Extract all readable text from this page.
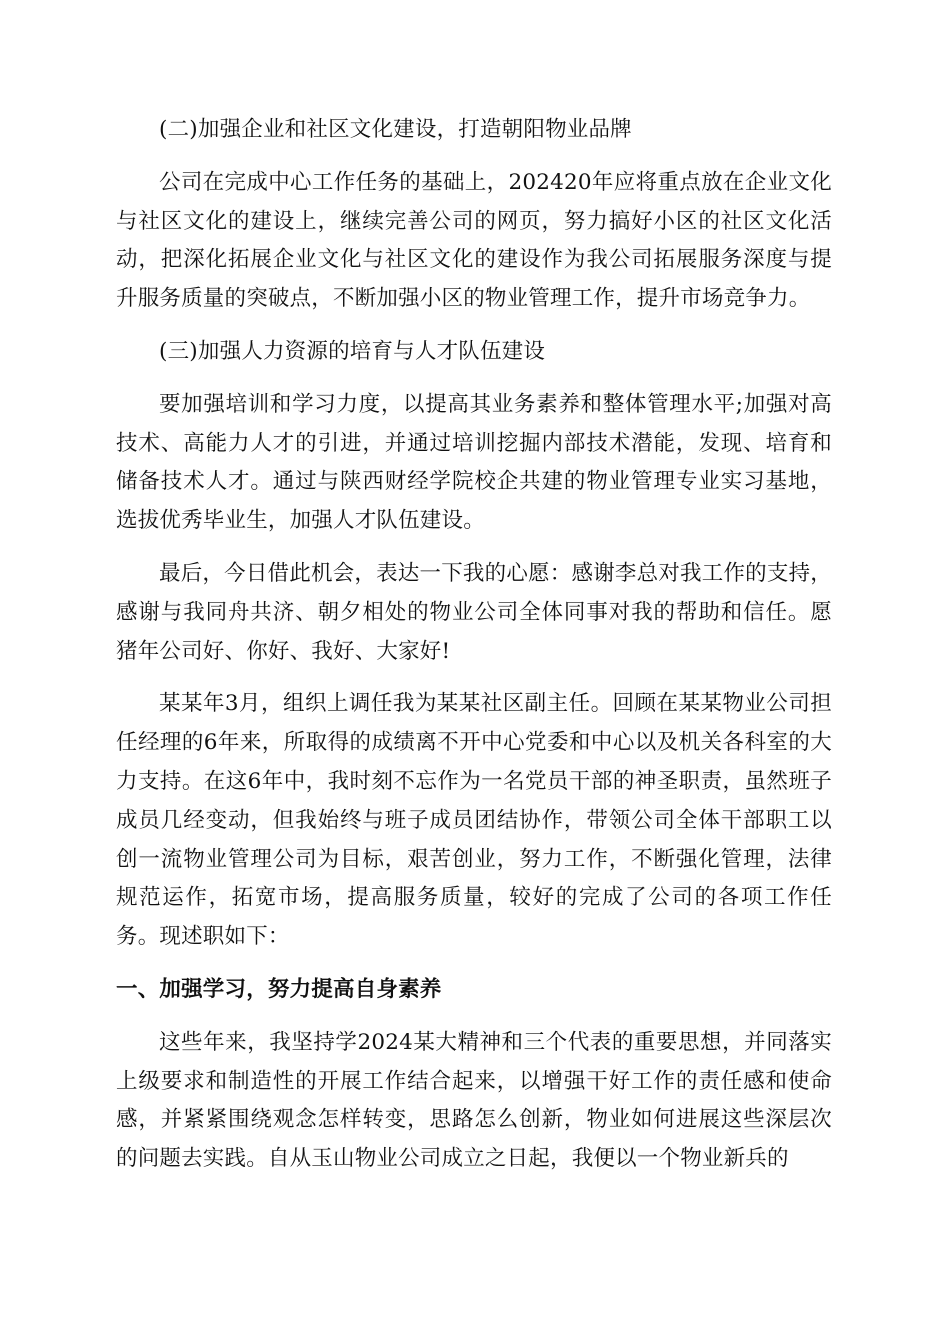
(二)加强企业和社区文化建设，打造朝阳物业品牌

公司在完成中心工作任务的基础上，202420年应将重点放在企业文化与社区文化的建设上，继续完善公司的网页，努力搞好小区的社区文化活动，把深化拓展企业文化与社区文化的建设作为我公司拓展服务深度与提升服务质量的突破点，不断加强小区的物业管理工作，提升市场竞争力。

(三)加强人力资源的培育与人才队伍建设

要加强培训和学习力度，以提高其业务素养和整体管理水平;加强对高技术、高能力人才的引进，并通过培训挖掘内部技术潜能，发现、培育和储备技术人才。通过与陕西财经学院校企共建的物业管理专业实习基地，选拔优秀毕业生，加强人才队伍建设。

最后，今日借此机会，表达一下我的心愿：感谢李总对我工作的支持，感谢与我同舟共济、朝夕相处的物业公司全体同事对我的帮助和信任。愿猪年公司好、你好、我好、大家好!

某某年3月，组织上调任我为某某社区副主任。回顾在某某物业公司担任经理的6年来，所取得的成绩离不开中心党委和中心以及机关各科室的大力支持。在这6年中，我时刻不忘作为一名党员干部的神圣职责，虽然班子成员几经变动，但我始终与班子成员团结协作，带领公司全体干部职工以创一流物业管理公司为目标，艰苦创业，努力工作，不断强化管理，法律规范运作，拓宽市场，提高服务质量，较好的完成了公司的各项工作任务。现述职如下：

一、加强学习，努力提高自身素养

这些年来，我坚持学2024某大精神和三个代表的重要思想，并同落实上级要求和制造性的开展工作结合起来，以增强干好工作的责任感和使命感，并紧紧围绕观念怎样转变，思路怎么创新，物业如何进展这些深层次的问题去实践。自从玉山物业公司成立之日起，我便以一个物业新兵的
